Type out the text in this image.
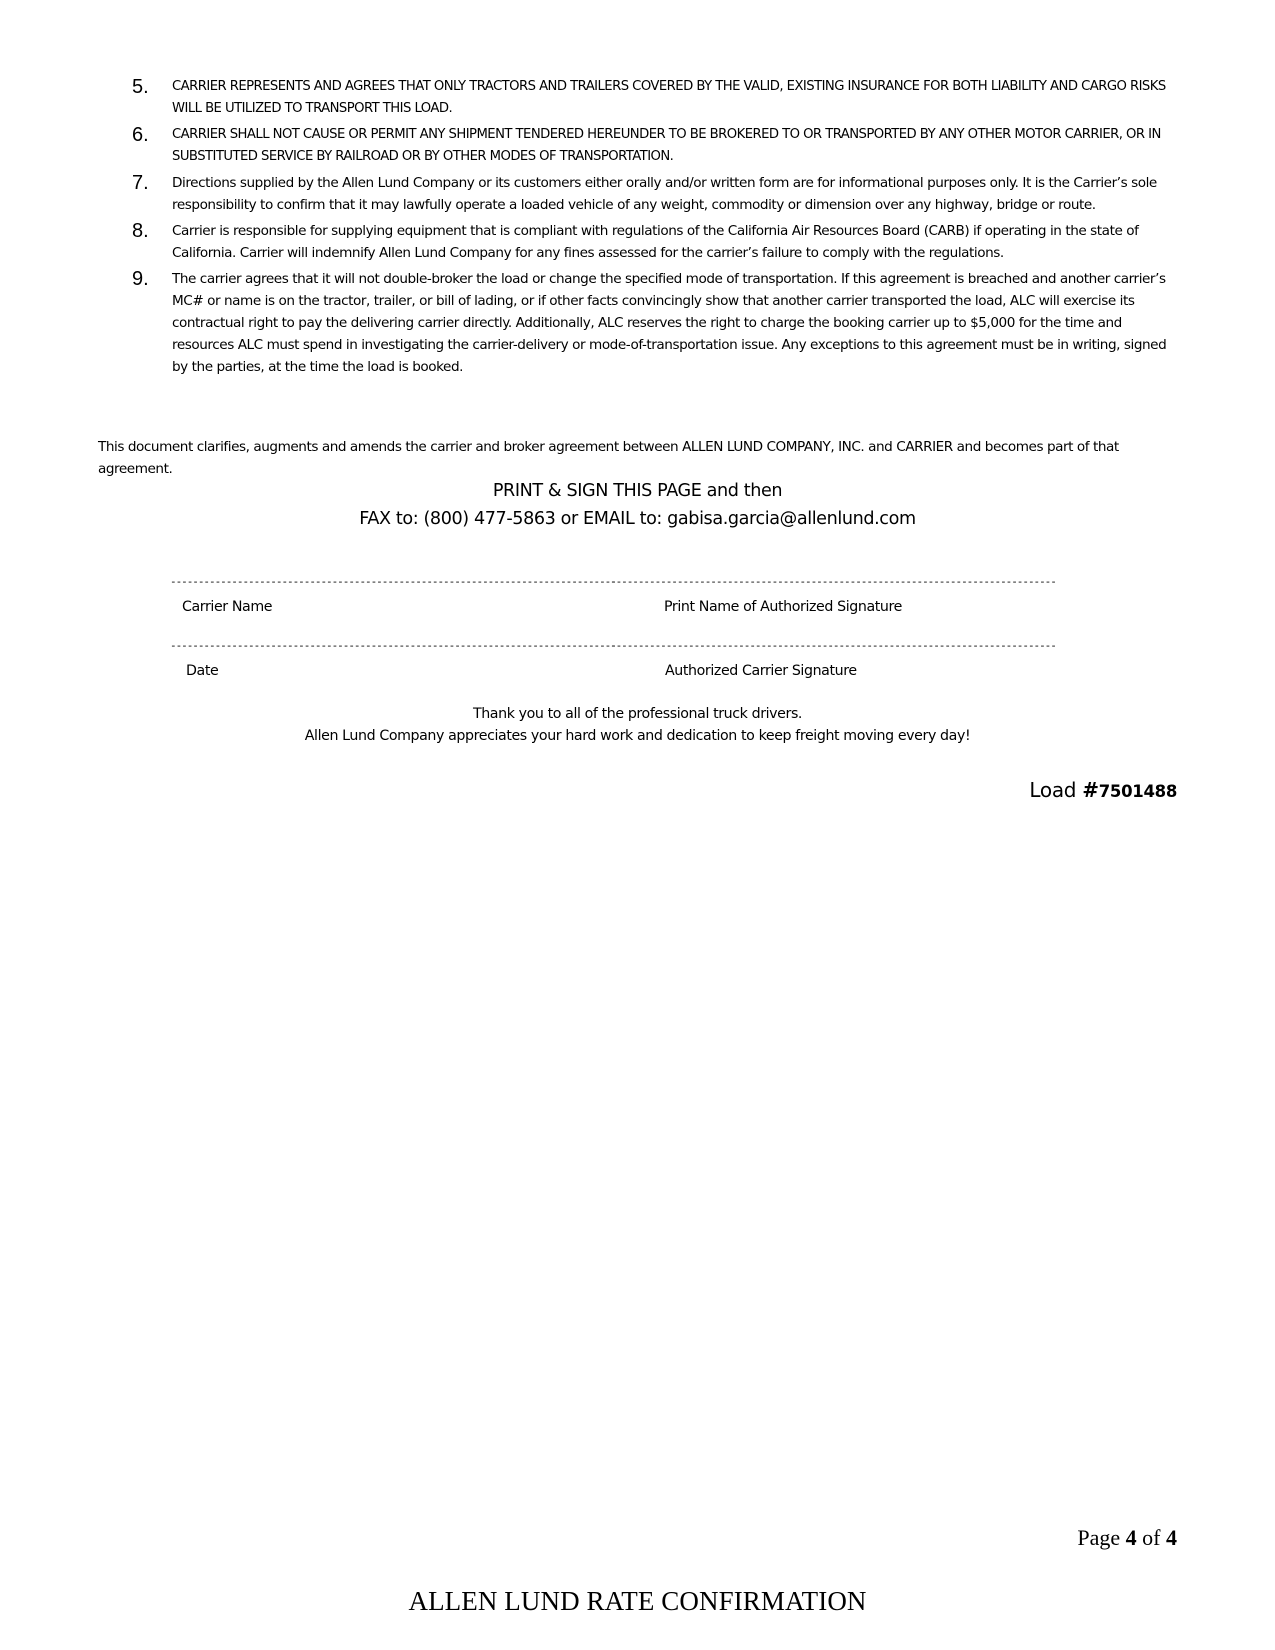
5.	CARRIER REPRESENTS AND AGREES THAT ONLY TRACTORS AND TRAILERS COVERED BY THE VALID, EXISTING INSURANCE FOR BOTH LIABILITY AND CARGO RISKS WILL BE UTILIZED TO TRANSPORT THIS LOAD.
6.	CARRIER SHALL NOT CAUSE OR PERMIT ANY SHIPMENT TENDERED HEREUNDER TO BE BROKERED TO OR TRANSPORTED BY ANY OTHER MOTOR CARRIER, OR IN SUBSTITUTED SERVICE BY RAILROAD OR BY OTHER MODES OF TRANSPORTATION.
7.	Directions supplied by the Allen Lund Company or its customers either orally and/or written form are for informational purposes only. It is the Carrier’s sole responsibility to confirm that it may lawfully operate a loaded vehicle of any weight, commodity or dimension over any highway, bridge or route.
8.	Carrier is responsible for supplying equipment that is compliant with regulations of the California Air Resources Board (CARB) if operating in the state of California. Carrier will indemnify Allen Lund Company for any fines assessed for the carrier’s failure to comply with the regulations.
9.	The carrier agrees that it will not double-broker the load or change the specified mode of transportation. If this agreement is breached and another carrier’s MC# or name is on the tractor, trailer, or bill of lading, or if other facts convincingly show that another carrier transported the load, ALC will exercise its contractual right to pay the delivering carrier directly. Additionally, ALC reserves the right to charge the booking carrier up to $5,000 for the time and resources ALC must spend in investigating the carrier-delivery or mode-of-transportation issue. Any exceptions to this agreement must be in writing, signed by the parties, at the time the load is booked.
This document clarifies, augments and amends the carrier and broker agreement between ALLEN LUND COMPANY, INC. and CARRIER and becomes part of that agreement.
PRINT & SIGN THIS PAGE and then
FAX to: (800) 477-5863 or EMAIL to: gabisa.garcia@allenlund.com
--------------------------------------------------------------------------------
--------------------------------------------------------------------------------
Carrier Name	Print Name of Authorized Signature
--------------------------------------------------------------------------------
--------------------------------------------------------------------------------
Date	Authorized Carrier Signature
Thank you to all of the professional truck drivers.
Allen Lund Company appreciates your hard work and dedication to keep freight moving every day!
Load #7501488
Page 4 of 4
ALLEN LUND RATE CONFIRMATION
